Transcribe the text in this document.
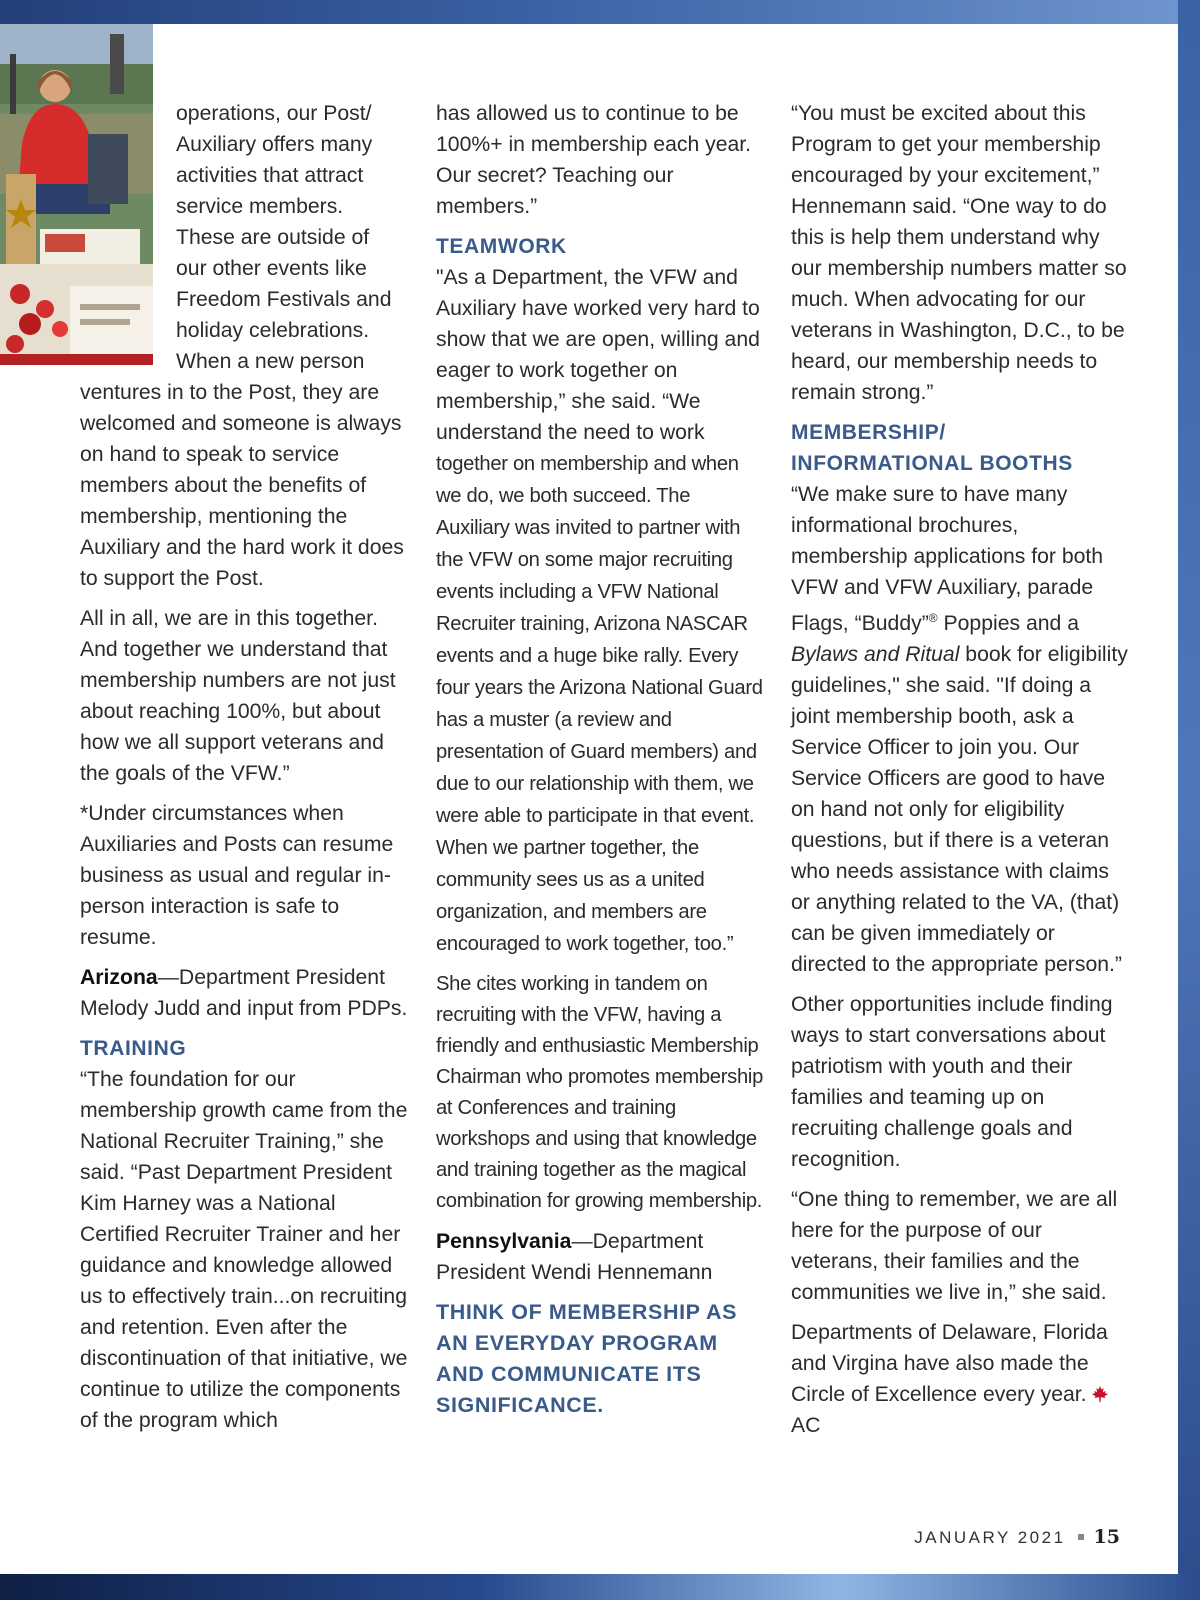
operations, our Post/
Auxiliary offers many
activities that attract
service members.
These are outside of
our other events like
Freedom Festivals and
holiday celebrations.
When a new person

ventures in to the Post, they are welcomed and someone is always on hand to speak to service members about the benefits of membership, mentioning the Auxiliary and the hard work it does to support the Post.

All in all, we are in this together. And together we understand that membership numbers are not just about reaching 100%, but about how we all support veterans and the goals of the VFW.”

*Under circumstances when Auxiliaries and Posts can resume business as usual and regular in-person interaction is safe to resume.

Arizona—Department President Melody Judd and input from PDPs.

TRAINING

“The foundation for our membership growth came from the National Recruiter Training,” she said. “Past Department President Kim Harney was a National Certified Recruiter Trainer and her guidance and knowledge allowed us to effectively train...on recruiting and retention. Even after the discontinuation of that initiative, we continue to utilize the components of the program which

has allowed us to continue to be 100%+ in membership each year. Our secret? Teaching our members.”

TEAMWORK

"As a Department, the VFW and Auxiliary have worked very hard to show that we are open, willing and eager to work together on membership,” she said. “We understand the need to work together on membership and when we do, we both succeed. The Auxiliary was invited to partner with the VFW on some major recruiting events including a VFW National Recruiter training, Arizona NASCAR events and a huge bike rally. Every four years the Arizona National Guard has a muster (a review and presentation of Guard members) and due to our relationship with them, we were able to participate in that event. When we partner together, the community sees us as a united organization, and members are encouraged to work together, too.”

She cites working in tandem on recruiting with the VFW, having a friendly and enthusiastic Membership Chairman who promotes membership at Conferences and training workshops and using that knowledge and training together as the magical combination for growing membership.

Pennsylvania—Department President Wendi Hennemann

THINK OF MEMBERSHIP AS AN EVERYDAY PROGRAM AND COMMUNICATE ITS SIGNIFICANCE.

“You must be excited about this Program to get your membership encouraged by your excitement,” Hennemann said. “One way to do this is help them understand why our membership numbers matter so much. When advocating for our veterans in Washington, D.C., to be heard, our membership needs to remain strong.”

MEMBERSHIP/ INFORMATIONAL BOOTHS

“We make sure to have many informational brochures, membership applications for both VFW and VFW Auxiliary, parade Flags, “Buddy”® Poppies and a Bylaws and Ritual book for eligibility guidelines," she said. "If doing a joint membership booth, ask a Service Officer to join you. Our Service Officers are good to have on hand not only for eligibility questions, but if there is a veteran who needs assistance with claims or anything related to the VA, (that) can be given immediately or directed to the appropriate person.”

Other opportunities include finding ways to start conversations about patriotism with youth and their families and teaming up on recruiting challenge goals and recognition.

“One thing to remember, we are all here for the purpose of our veterans, their families and the communities we live in,” she said.

Departments of Delaware, Florida and Virgina have also made the Circle of Excellence every year.AC

JANUARY 2021 15
